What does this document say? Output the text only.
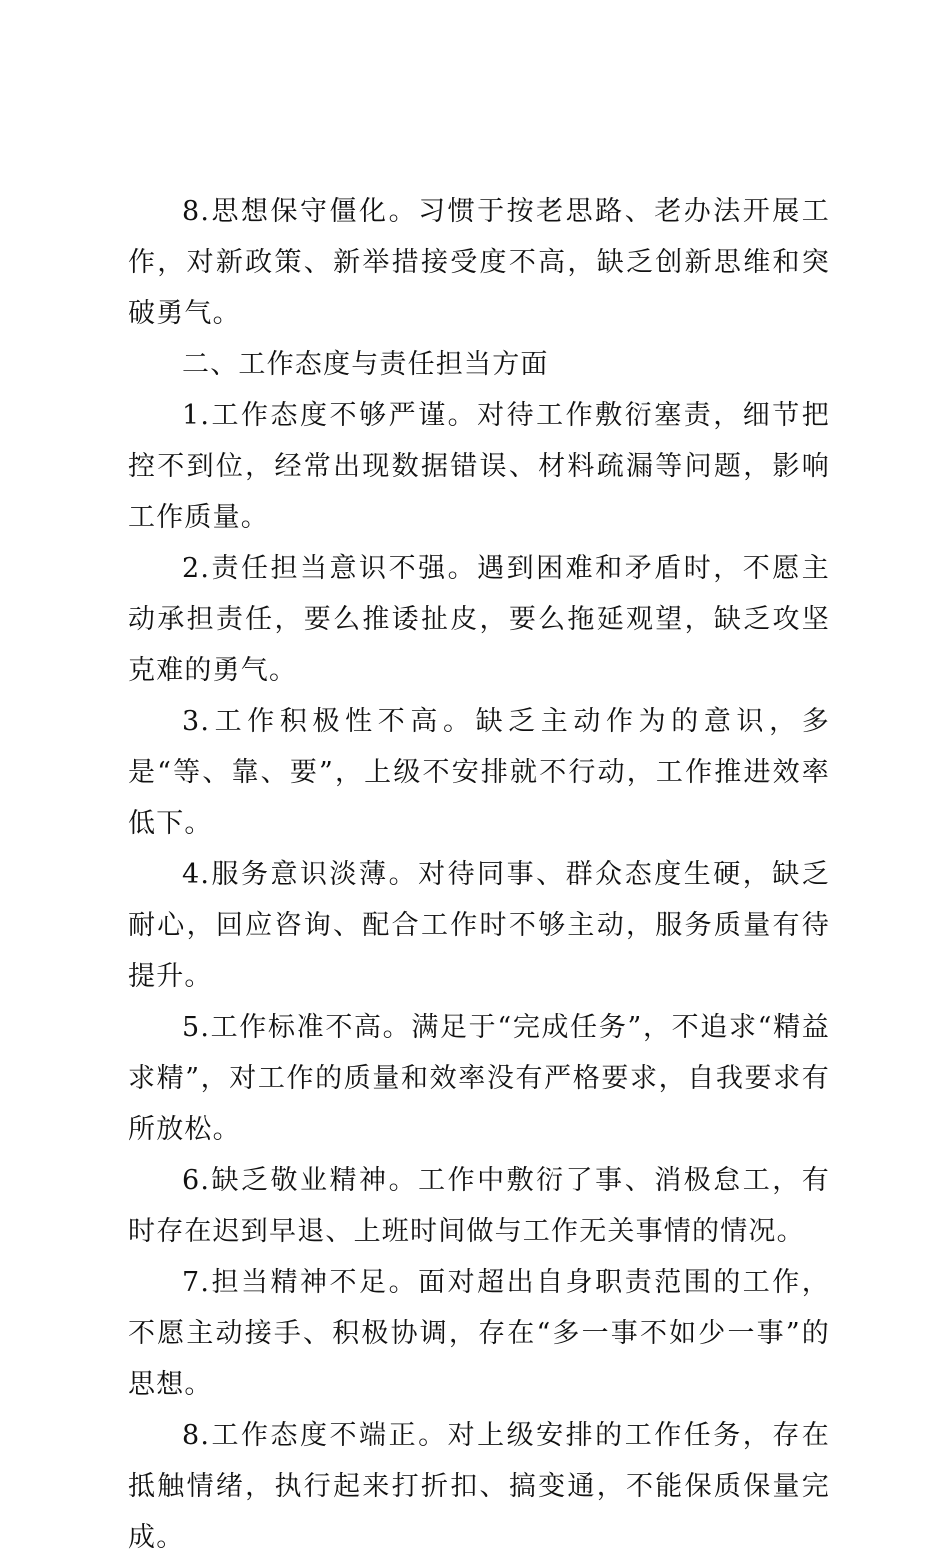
8.思想保守僵化。习惯于按老思路、老办法开展工作，对新政策、新举措接受度不高，缺乏创新思维和突破勇气。

二、工作态度与责任担当方面

1.工作态度不够严谨。对待工作敷衍塞责，细节把控不到位，经常出现数据错误、材料疏漏等问题，影响工作质量。

2.责任担当意识不强。遇到困难和矛盾时，不愿主动承担责任，要么推诿扯皮，要么拖延观望，缺乏攻坚克难的勇气。

3.工作积极性不高。缺乏主动作为的意识，多是“等、靠、要”，上级不安排就不行动，工作推进效率低下。

4.服务意识淡薄。对待同事、群众态度生硬，缺乏耐心，回应咨询、配合工作时不够主动，服务质量有待提升。

5.工作标准不高。满足于“完成任务”，不追求“精益求精”，对工作的质量和效率没有严格要求，自我要求有所放松。

6.缺乏敬业精神。工作中敷衍了事、消极怠工，有时存在迟到早退、上班时间做与工作无关事情的情况。

7.担当精神不足。面对超出自身职责范围的工作，不愿主动接手、积极协调，存在“多一事不如少一事”的思想。

8.工作态度不端正。对上级安排的工作任务，存在抵触情绪，执行起来打折扣、搞变通，不能保质保量完成。
